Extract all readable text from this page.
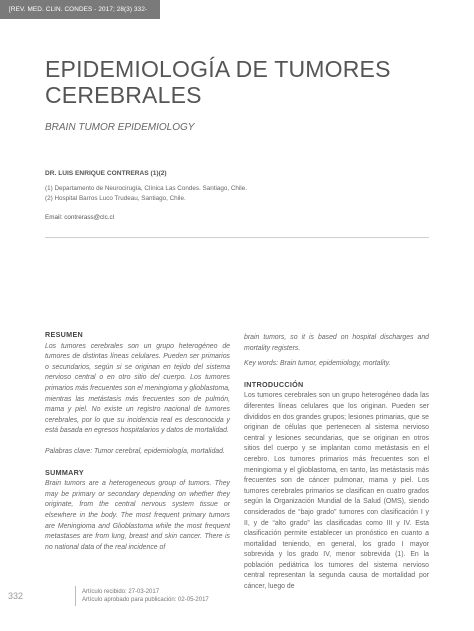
[REV. MED. CLIN. CONDES - 2017; 28(3) 332-338]
EPIDEMIOLOGÍA DE TUMORES CEREBRALES
BRAIN TUMOR EPIDEMIOLOGY
DR. LUIS ENRIQUE CONTRERAS (1)(2)
(1) Departamento de Neurocirugía, Clínica Las Condes. Santiago, Chile.
(2) Hospital Barros Luco Trudeau, Santiago, Chile.
Email: contrerass@clc.cl
RESUMEN

Los tumores cerebrales son un grupo heterogéneo de tumores de distintas líneas celulares. Pueden ser primarios o secundarios, según si se originan en tejido del sistema nervioso central o en otro sitio del cuerpo. Los tumores primarios más frecuentes son el meningioma y glioblastoma, mientras las metástasis más frecuentes son de pulmón, mama y piel. No existe un registro nacional de tumores cerebrales, por lo que su incidencia real es desconocida y está basada en egresos hospitalarios y datos de mortalidad.

Palabras clave: Tumor cerebral, epidemiología, mortalidad.

SUMMARY

Brain tumors are a heterogeneous group of tumors. They may be primary or secondary depending on whether they originate, from the central nervous system tissue or elsewhere in the body. The most frequent primary tumors are Meningioma and Glioblastoma while the most frequent metastases are from lung, breast and skin cancer. There is no national data of the real incidence of

brain tumors, so it is based on hospital discharges and mortality registers.

Key words: Brain tumor, epidemiology, mortality.

INTRODUCCIÓN

Los tumores cerebrales son un grupo heterogéneo dada las diferentes líneas celulares que los originan. Pueden ser divididos en dos grandes grupos; lesiones primarias, que se originan de células que pertenecen al sistema nervioso central y lesiones secundarias, que se originan en otros sitios del cuerpo y se implantan como metástasis en el cerebro. Los tumores primarios más frecuentes son el meningioma y el glioblastoma, en tanto, las metástasis más frecuentes son de cáncer pulmonar, mama y piel. Los tumores cerebrales primarios se clasifican en cuatro grados según la Organización Mundial de la Salud (OMS), siendo considerados de “bajo grado” tumores con clasificación I y II, y de “alto grado” las clasificadas como III y IV. Esta clasificación permite establecer un pronóstico en cuanto a mortalidad teniendo, en general, los grado I mayor sobrevida y los grado IV, menor sobrevida (1). En la población pediátrica los tumores del sistema nervioso central representan la segunda causa de mortalidad por cáncer, luego de

332	Artículo recibido: 27-03-2017
Artículo aprobado para publicación: 02-05-2017
